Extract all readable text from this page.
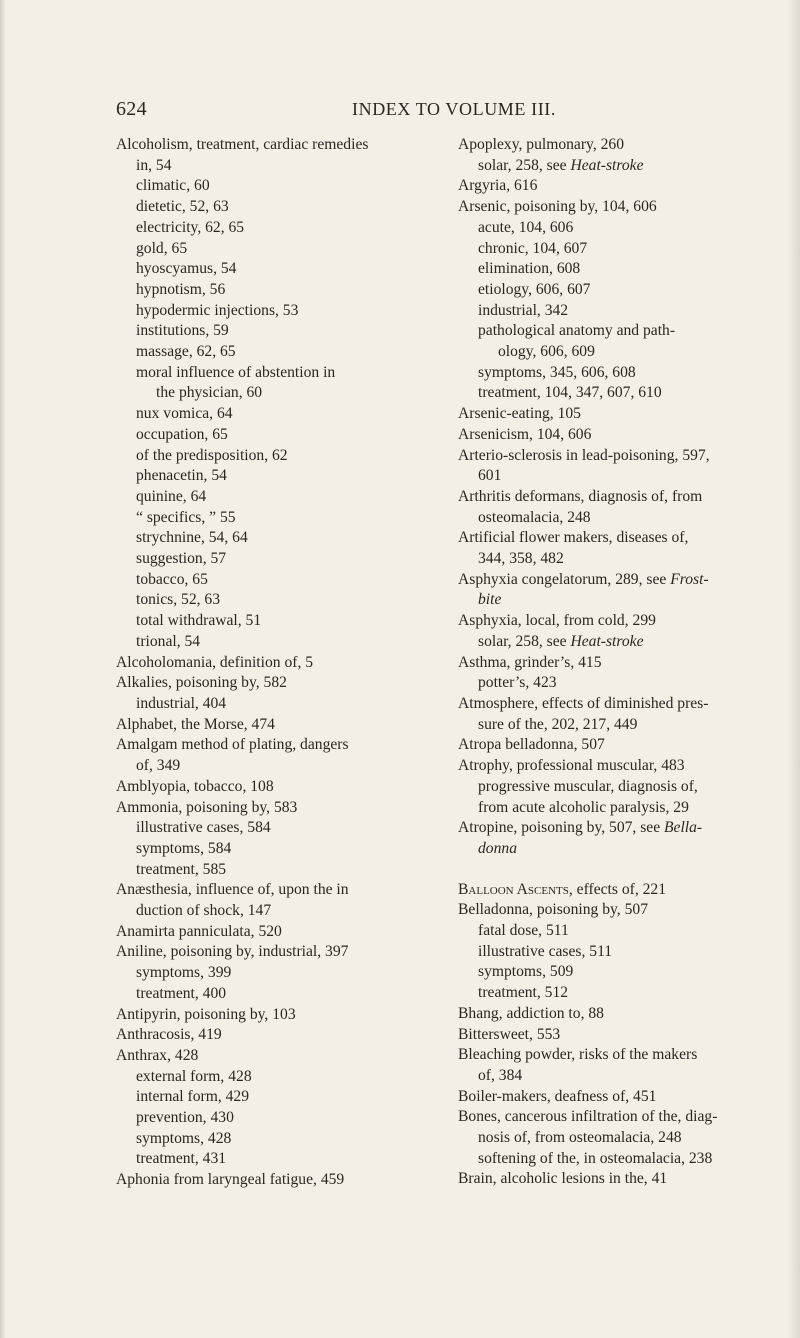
624	INDEX TO VOLUME III.
Alcoholism, treatment, cardiac remedies
in, 54
climatic, 60
dietetic, 52, 63
electricity, 62, 65
gold, 65
hyoscyamus, 54
hypnotism, 56
hypodermic injections, 53
institutions, 59
massage, 62, 65
moral influence of abstention in
the physician, 60
nux vomica, 64
occupation, 65
of the predisposition, 62
phenacetin, 54
quinine, 64
“ specifics, ” 55
strychnine, 54, 64
suggestion, 57
tobacco, 65
tonics, 52, 63
total withdrawal, 51
trional, 54
Alcoholomania, definition of, 5
Alkalies, poisoning by, 582
industrial, 404
Alphabet, the Morse, 474
Amalgam method of plating, dangers
of, 349
Amblyopia, tobacco, 108
Ammonia, poisoning by, 583
illustrative cases, 584
symptoms, 584
treatment, 585
Anæsthesia, influence of, upon the in
duction of shock, 147
Anamirta panniculata, 520
Aniline, poisoning by, industrial, 397
symptoms, 399
treatment, 400
Antipyrin, poisoning by, 103
Anthracosis, 419
Anthrax, 428
external form, 428
internal form, 429
prevention, 430
symptoms, 428
treatment, 431
Aphonia from laryngeal fatigue, 459
Apoplexy, pulmonary, 260
solar, 258, see Heat-stroke
Argyria, 616
Arsenic, poisoning by, 104, 606
acute, 104, 606
chronic, 104, 607
elimination, 608
etiology, 606, 607
industrial, 342
pathological anatomy and path-
ology, 606, 609
symptoms, 345, 606, 608
treatment, 104, 347, 607, 610
Arsenic-eating, 105
Arsenicism, 104, 606
Arterio-sclerosis in lead-poisoning, 597,
601
Arthritis deformans, diagnosis of, from
osteomalacia, 248
Artificial flower makers, diseases of,
344, 358, 482
Asphyxia congelatorum, 289, see Frost-
bite
Asphyxia, local, from cold, 299
solar, 258, see Heat-stroke
Asthma, grinder’s, 415
potter’s, 423
Atmosphere, effects of diminished pres-
sure of the, 202, 217, 449
Atropa belladonna, 507
Atrophy, professional muscular, 483
progressive muscular, diagnosis of,
from acute alcoholic paralysis, 29
Atropine, poisoning by, 507, see Bella-
donna
Balloon Ascents, effects of, 221
Belladonna, poisoning by, 507
fatal dose, 511
illustrative cases, 511
symptoms, 509
treatment, 512
Bhang, addiction to, 88
Bittersweet, 553
Bleaching powder, risks of the makers
of, 384
Boiler-makers, deafness of, 451
Bones, cancerous infiltration of the, diag-
nosis of, from osteomalacia, 248
softening of the, in osteomalacia, 238
Brain, alcoholic lesions in the, 41
